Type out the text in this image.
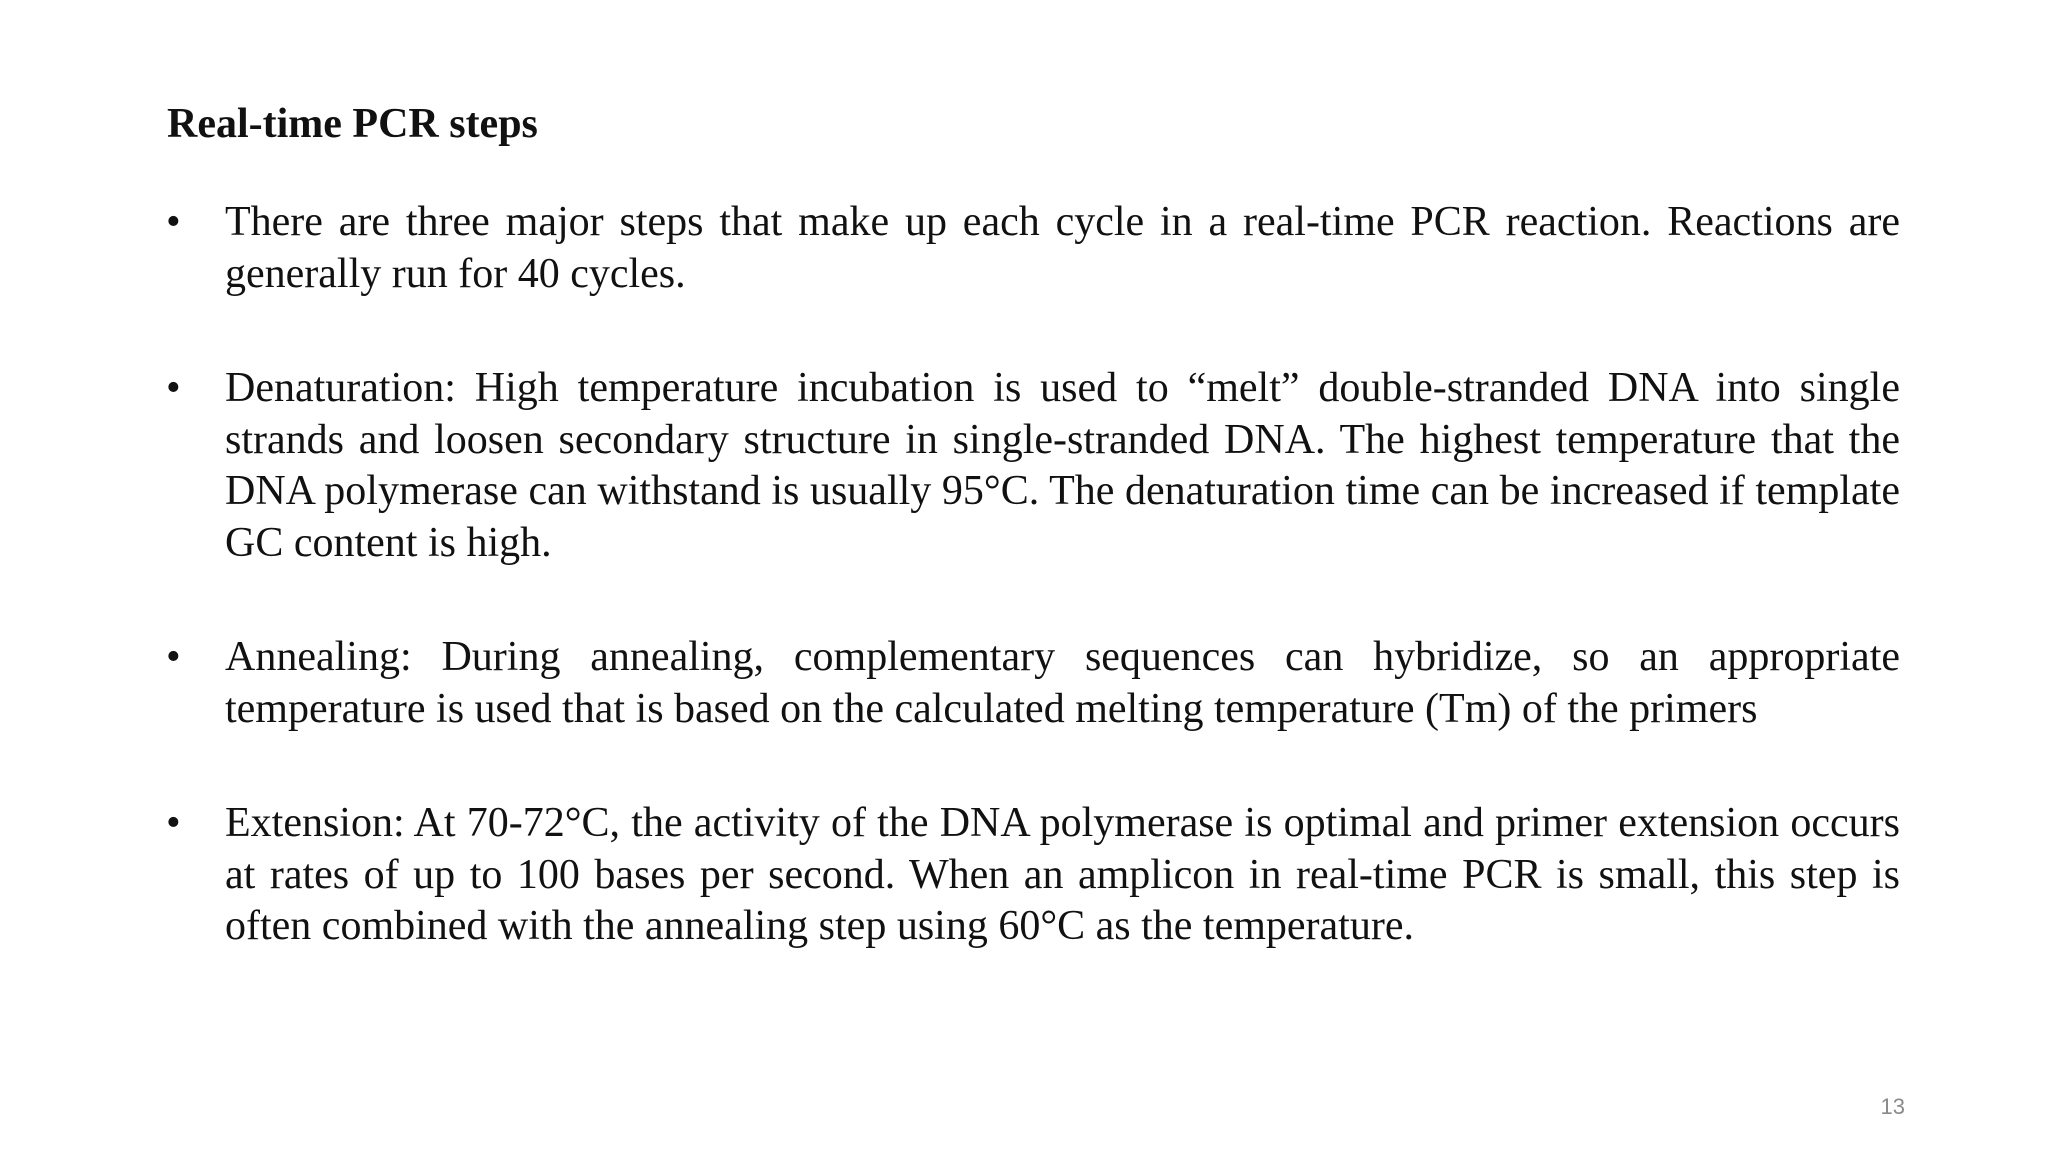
Real-time PCR steps
•	There are three major steps that make up each cycle in a real-time PCR reaction. Reactions are generally run for 40 cycles.
•	Denaturation: High temperature incubation is used to “melt” double-stranded DNA into single strands and loosen secondary structure in single-stranded DNA. The highest temperature that the DNA polymerase can withstand is usually 95°C. The denaturation time can be increased if template GC content is high.
•	Annealing: During annealing, complementary sequences can hybridize, so an appropriate temperature is used that is based on the calculated melting temperature (Tm) of the primers
•	Extension: At 70-72°C, the activity of the DNA polymerase is optimal and primer extension occurs at rates of up to 100 bases per second. When an amplicon in real-time PCR is small, this step is often combined with the annealing step using 60°C as the temperature.
13
